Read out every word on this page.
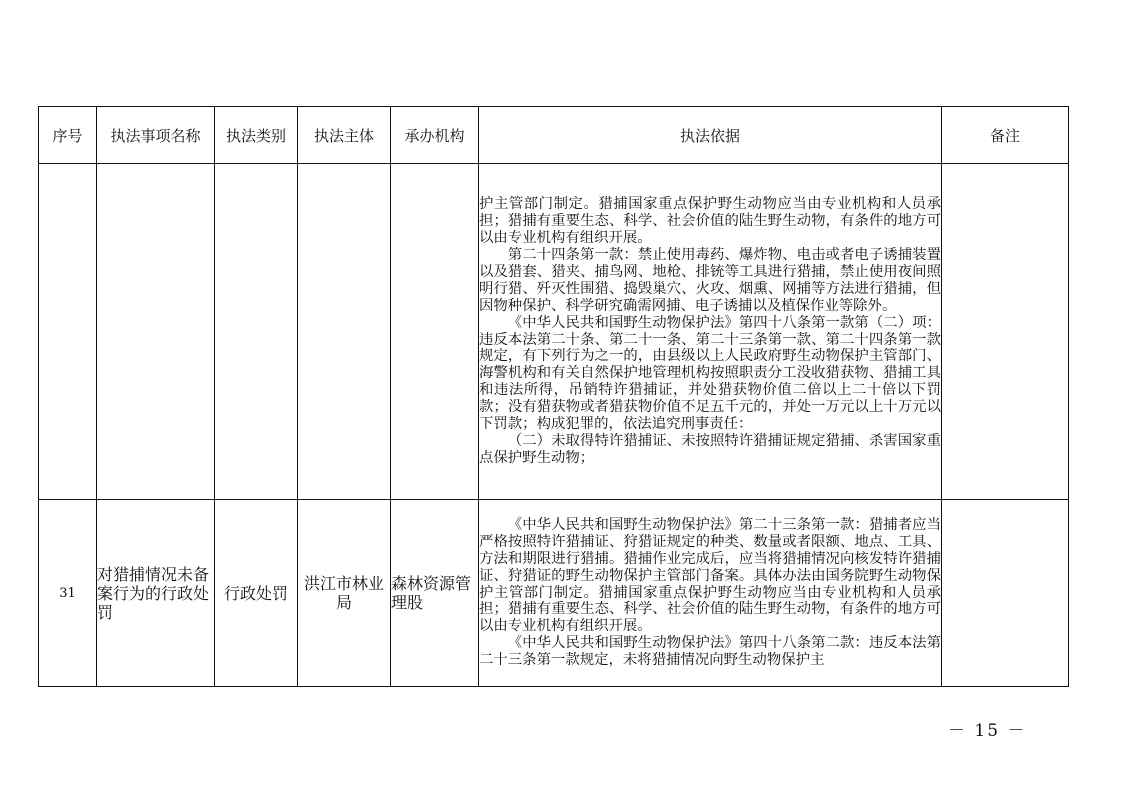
序号	执法事项名称	执法类别	执法主体	承办机构	执法依据	备注

					护主管部门制定。猎捕国家重点保护野生动物应当由专业机构和人员承担；猎捕有重要生态、科学、社会价值的陆生野生动物，有条件的地方可以由专业机构有组织开展。

第二十四条第一款：禁止使用毒药、爆炸物、电击或者电子诱捕装置以及猎套、猎夹、捕鸟网、地枪、排铳等工具进行猎捕，禁止使用夜间照明行猎、歼灭性围猎、捣毁巢穴、火攻、烟熏、网捕等方法进行猎捕，但因物种保护、科学研究确需网捕、电子诱捕以及植保作业等除外。

《中华人民共和国野生动物保护法》第四十八条第一款第（二）项：违反本法第二十条、第二十一条、第二十三条第一款、第二十四条第一款规定，有下列行为之一的，由县级以上人民政府野生动物保护主管部门、海警机构和有关自然保护地管理机构按照职责分工没收猎获物、猎捕工具和违法所得，吊销特许猎捕证，并处猎获物价值二倍以上二十倍以下罚款；没有猎获物或者猎获物价值不足五千元的，并处一万元以上十万元以下罚款；构成犯罪的，依法追究刑事责任：

（二）未取得特许猎捕证、未按照特许猎捕证规定猎捕、杀害国家重点保护野生动物；	

31	对猎捕情况未备案行为的行政处罚	行政处罚	洪江市林业局	森林资源管理股	《中华人民共和国野生动物保护法》第二十三条第一款：猎捕者应当严格按照特许猎捕证、狩猎证规定的种类、数量或者限额、地点、工具、方法和期限进行猎捕。猎捕作业完成后，应当将猎捕情况向核发特许猎捕证、狩猎证的野生动物保护主管部门备案。具体办法由国务院野生动物保护主管部门制定。猎捕国家重点保护野生动物应当由专业机构和人员承担；猎捕有重要生态、科学、社会价值的陆生野生动物，有条件的地方可以由专业机构有组织开展。

《中华人民共和国野生动物保护法》第四十八条第二款：违反本法第二十三条第一款规定，未将猎捕情况向野生动物保护主	

－ 15 －
